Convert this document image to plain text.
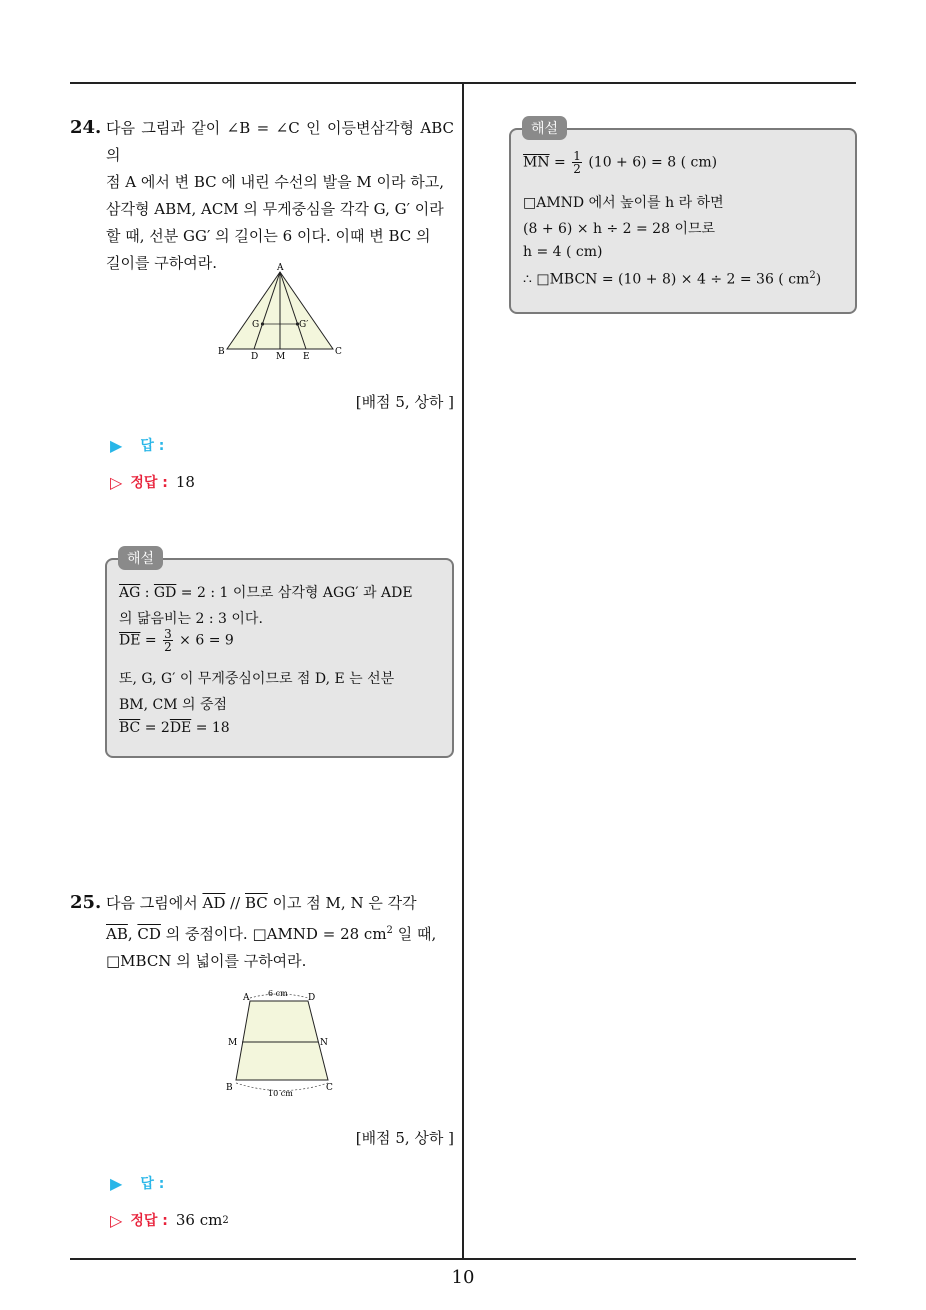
10
24. 다음 그림과 같이 ∠B = ∠C 인 이등변삼각형 ABC 의
점 A 에서 변 BC 에 내린 수선의 발을 M 이라 하고,
삼각형 ABM, ACM 의 무게중심을 각각 G, G′ 이라
할 때, 선분 GG′ 의 길이는 6 이다. 이때 변 BC 의
길이를 구하여라.	A
B	C
D M E
G	G′
[배점 5, 상하 ]
▶ 답 :
▷ 정답 : 18
$\overline{AG}$ : $\overline{GD} = 2$ : 1 이므로 삼각형 AGG′ 과 ADE
의 닮음비는 2 : 3 이다.
$\overline{DE} = \frac{3}{2} \times 6 = 9$
또, G, G′ 이 무게중심이므로 점 D, E 는 선분
BM, CM 의 중점
$\overline{BC} = 2\overline{DE} = 18$
해설
25. 다음 그림에서 $\overline{AD} // \overline{BC}$ 이고 점 M, N 은 각각
$\overline{AB}$, $\overline{CD}$ 의 중점이다. □AMND = 28 $cm^2$ 일 때,
□MBCN 의 넓이를 구하여라.
A	D
M	N
B	C
6 cm
10 cm
[배점 5, 상하 ]
▶ 답 :
▷ 정답 : 36 cm 2
$\overline{MN} = \frac{1}{2} (10 + 6) = 8$ ( cm)
□AMND 에서 높이를 h 라 하면
(8 + 6) × h ÷ 2 = 28 이므로
h = 4 ( cm)
∴ □MBCN = (10 + 8) × 4 ÷ 2 = 36 ( $cm^2$)
해설
